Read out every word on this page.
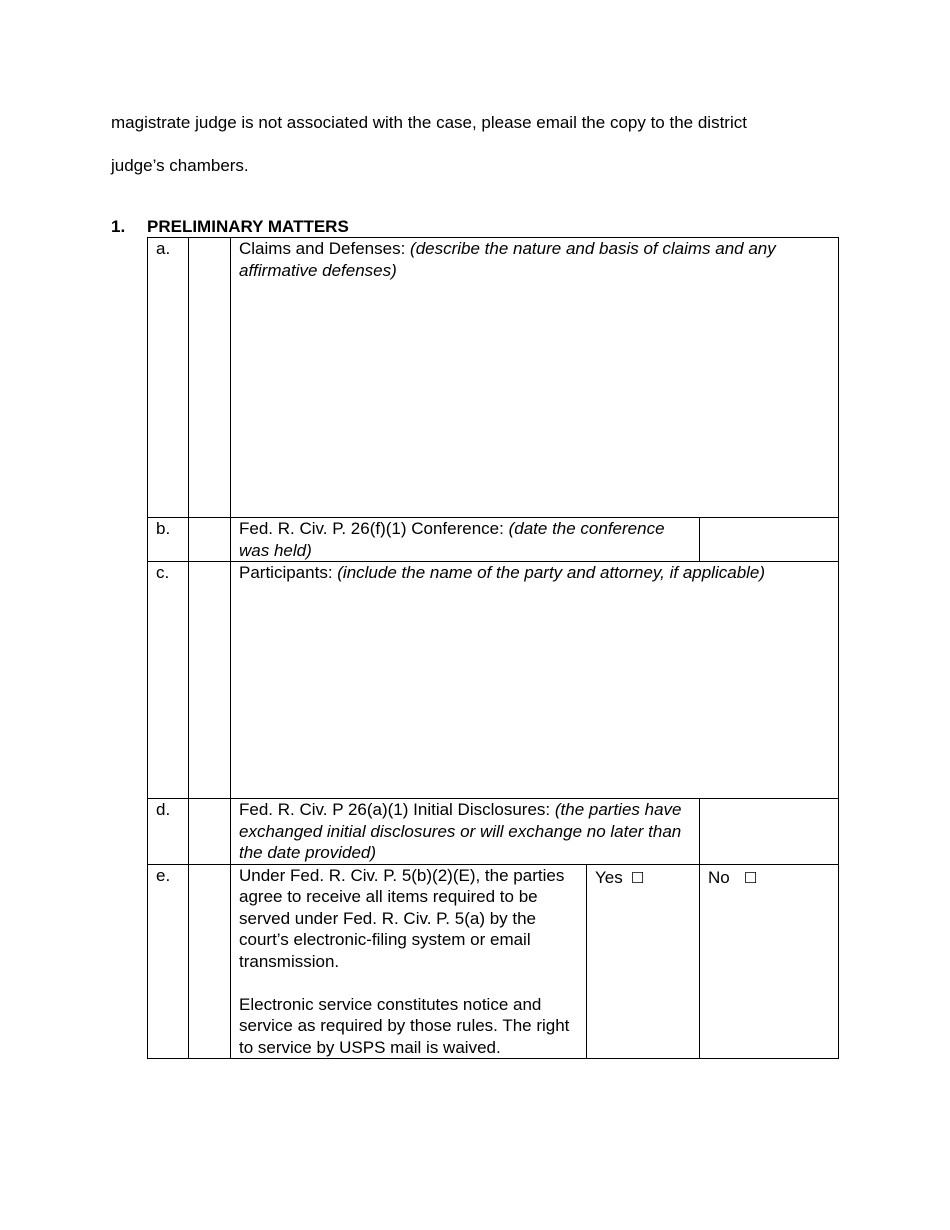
magistrate judge is not associated with the case, please email the copy to the district
judge’s chambers.
1. PRELIMINARY MATTERS
a.		Claims and Defenses: (describe the nature and basis of claims and any affirmative defenses)		
b.		Fed. R. Civ. P. 26(f)(1) Conference: (date the conference was held)		
c.		Participants: (include the name of the party and attorney, if applicable)		
d.		Fed. R. Civ. P 26(a)(1) Initial Disclosures: (the parties have exchanged initial disclosures or will exchange no later than the date provided)		
e.		Under Fed. R. Civ. P. 5(b)(2)(E), the parties agree to receive all items required to be served under Fed. R. Civ. P. 5(a) by the court’s electronic-filing system or email transmission.
Electronic service constitutes notice and service as required by those rules. The right to service by USPS mail is waived.	Yes ☐	No ☐
